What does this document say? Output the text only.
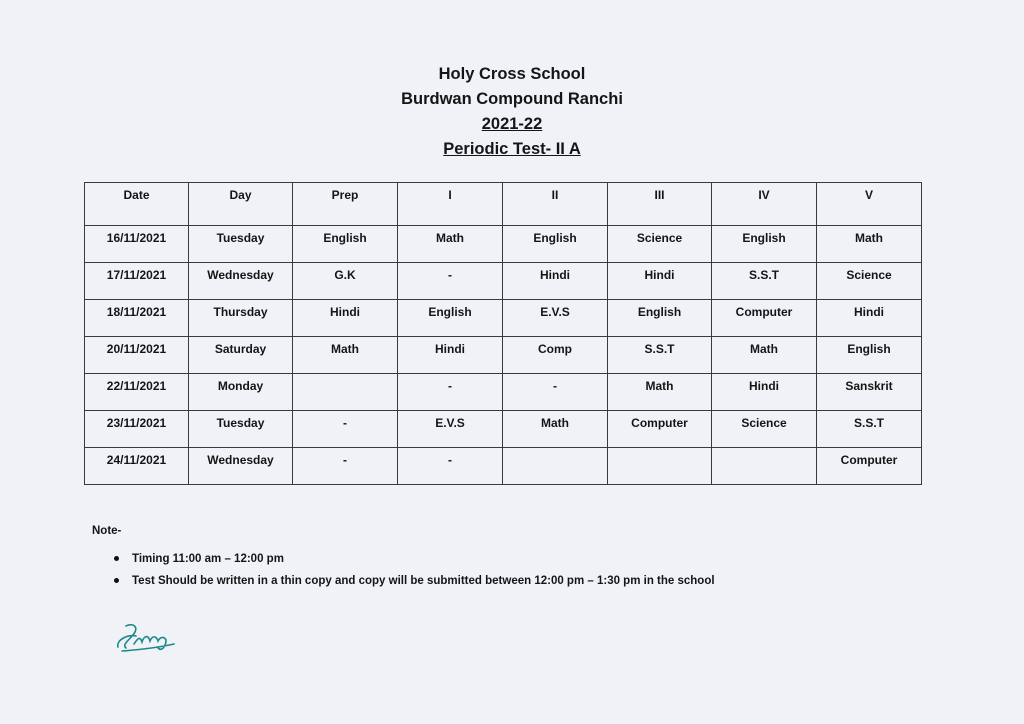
Holy Cross School
Burdwan Compound Ranchi
2021-22
Periodic Test- II A
Date	Day	Prep	I	II	III	IV	V
16/11/2021	Tuesday	English	Math	English	Science	English	Math
17/11/2021	Wednesday	G.K	-	Hindi	Hindi	S.S.T	Science
18/11/2021	Thursday	Hindi	English	E.V.S	English	Computer	Hindi
20/11/2021	Saturday	Math	Hindi	Comp	S.S.T	Math	English
22/11/2021	Monday		-	-	Math	Hindi	Sanskrit
23/11/2021	Tuesday	-	E.V.S	Math	Computer	Science	S.S.T
24/11/2021	Wednesday	-	-				Computer
Note-
Timing 11:00 am – 12:00 pm
Test Should be written in a thin copy and copy will be submitted between 12:00 pm – 1:30 pm in the school
